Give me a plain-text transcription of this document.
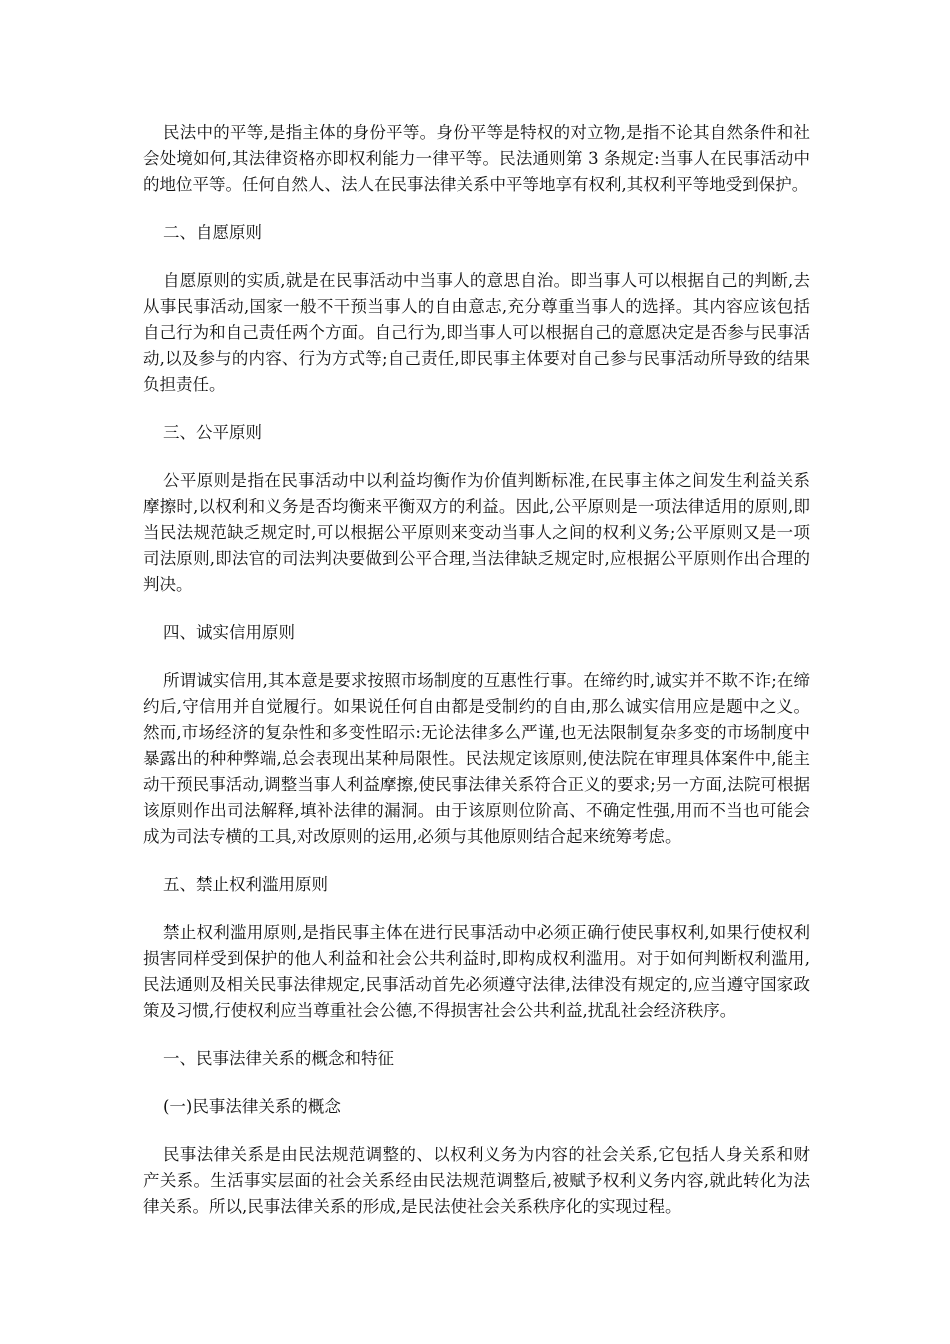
民法中的平等,是指主体的身份平等。身份平等是特权的对立物,是指不论其自然条件和社会处境如何,其法律资格亦即权利能力一律平等。民法通则第 3 条规定:当事人在民事活动中的地位平等。任何自然人、法人在民事法律关系中平等地享有权利,其权利平等地受到保护。

二、自愿原则

自愿原则的实质,就是在民事活动中当事人的意思自治。即当事人可以根据自己的判断,去从事民事活动,国家一般不干预当事人的自由意志,充分尊重当事人的选择。其内容应该包括自己行为和自己责任两个方面。自己行为,即当事人可以根据自己的意愿决定是否参与民事活动,以及参与的内容、行为方式等;自己责任,即民事主体要对自己参与民事活动所导致的结果负担责任。

三、公平原则

公平原则是指在民事活动中以利益均衡作为价值判断标准,在民事主体之间发生利益关系摩擦时,以权利和义务是否均衡来平衡双方的利益。因此,公平原则是一项法律适用的原则,即当民法规范缺乏规定时,可以根据公平原则来变动当事人之间的权利义务;公平原则又是一项司法原则,即法官的司法判决要做到公平合理,当法律缺乏规定时,应根据公平原则作出合理的判决。

四、诚实信用原则

所谓诚实信用,其本意是要求按照市场制度的互惠性行事。在缔约时,诚实并不欺不诈;在缔约后,守信用并自觉履行。如果说任何自由都是受制约的自由,那么诚实信用应是题中之义。然而,市场经济的复杂性和多变性昭示:无论法律多么严谨,也无法限制复杂多变的市场制度中暴露出的种种弊端,总会表现出某种局限性。民法规定该原则,使法院在审理具体案件中,能主动干预民事活动,调整当事人利益摩擦,使民事法律关系符合正义的要求;另一方面,法院可根据该原则作出司法解释,填补法律的漏洞。由于该原则位阶高、不确定性强,用而不当也可能会成为司法专横的工具,对改原则的运用,必须与其他原则结合起来统筹考虑。

五、禁止权利滥用原则

禁止权利滥用原则,是指民事主体在进行民事活动中必须正确行使民事权利,如果行使权利损害同样受到保护的他人利益和社会公共利益时,即构成权利滥用。对于如何判断权利滥用,民法通则及相关民事法律规定,民事活动首先必须遵守法律,法律没有规定的,应当遵守国家政策及习惯,行使权利应当尊重社会公德,不得损害社会公共利益,扰乱社会经济秩序。

一、民事法律关系的概念和特征

(一)民事法律关系的概念

民事法律关系是由民法规范调整的、以权利义务为内容的社会关系,它包括人身关系和财产关系。生活事实层面的社会关系经由民法规范调整后,被赋予权利义务内容,就此转化为法律关系。所以,民事法律关系的形成,是民法使社会关系秩序化的实现过程。
